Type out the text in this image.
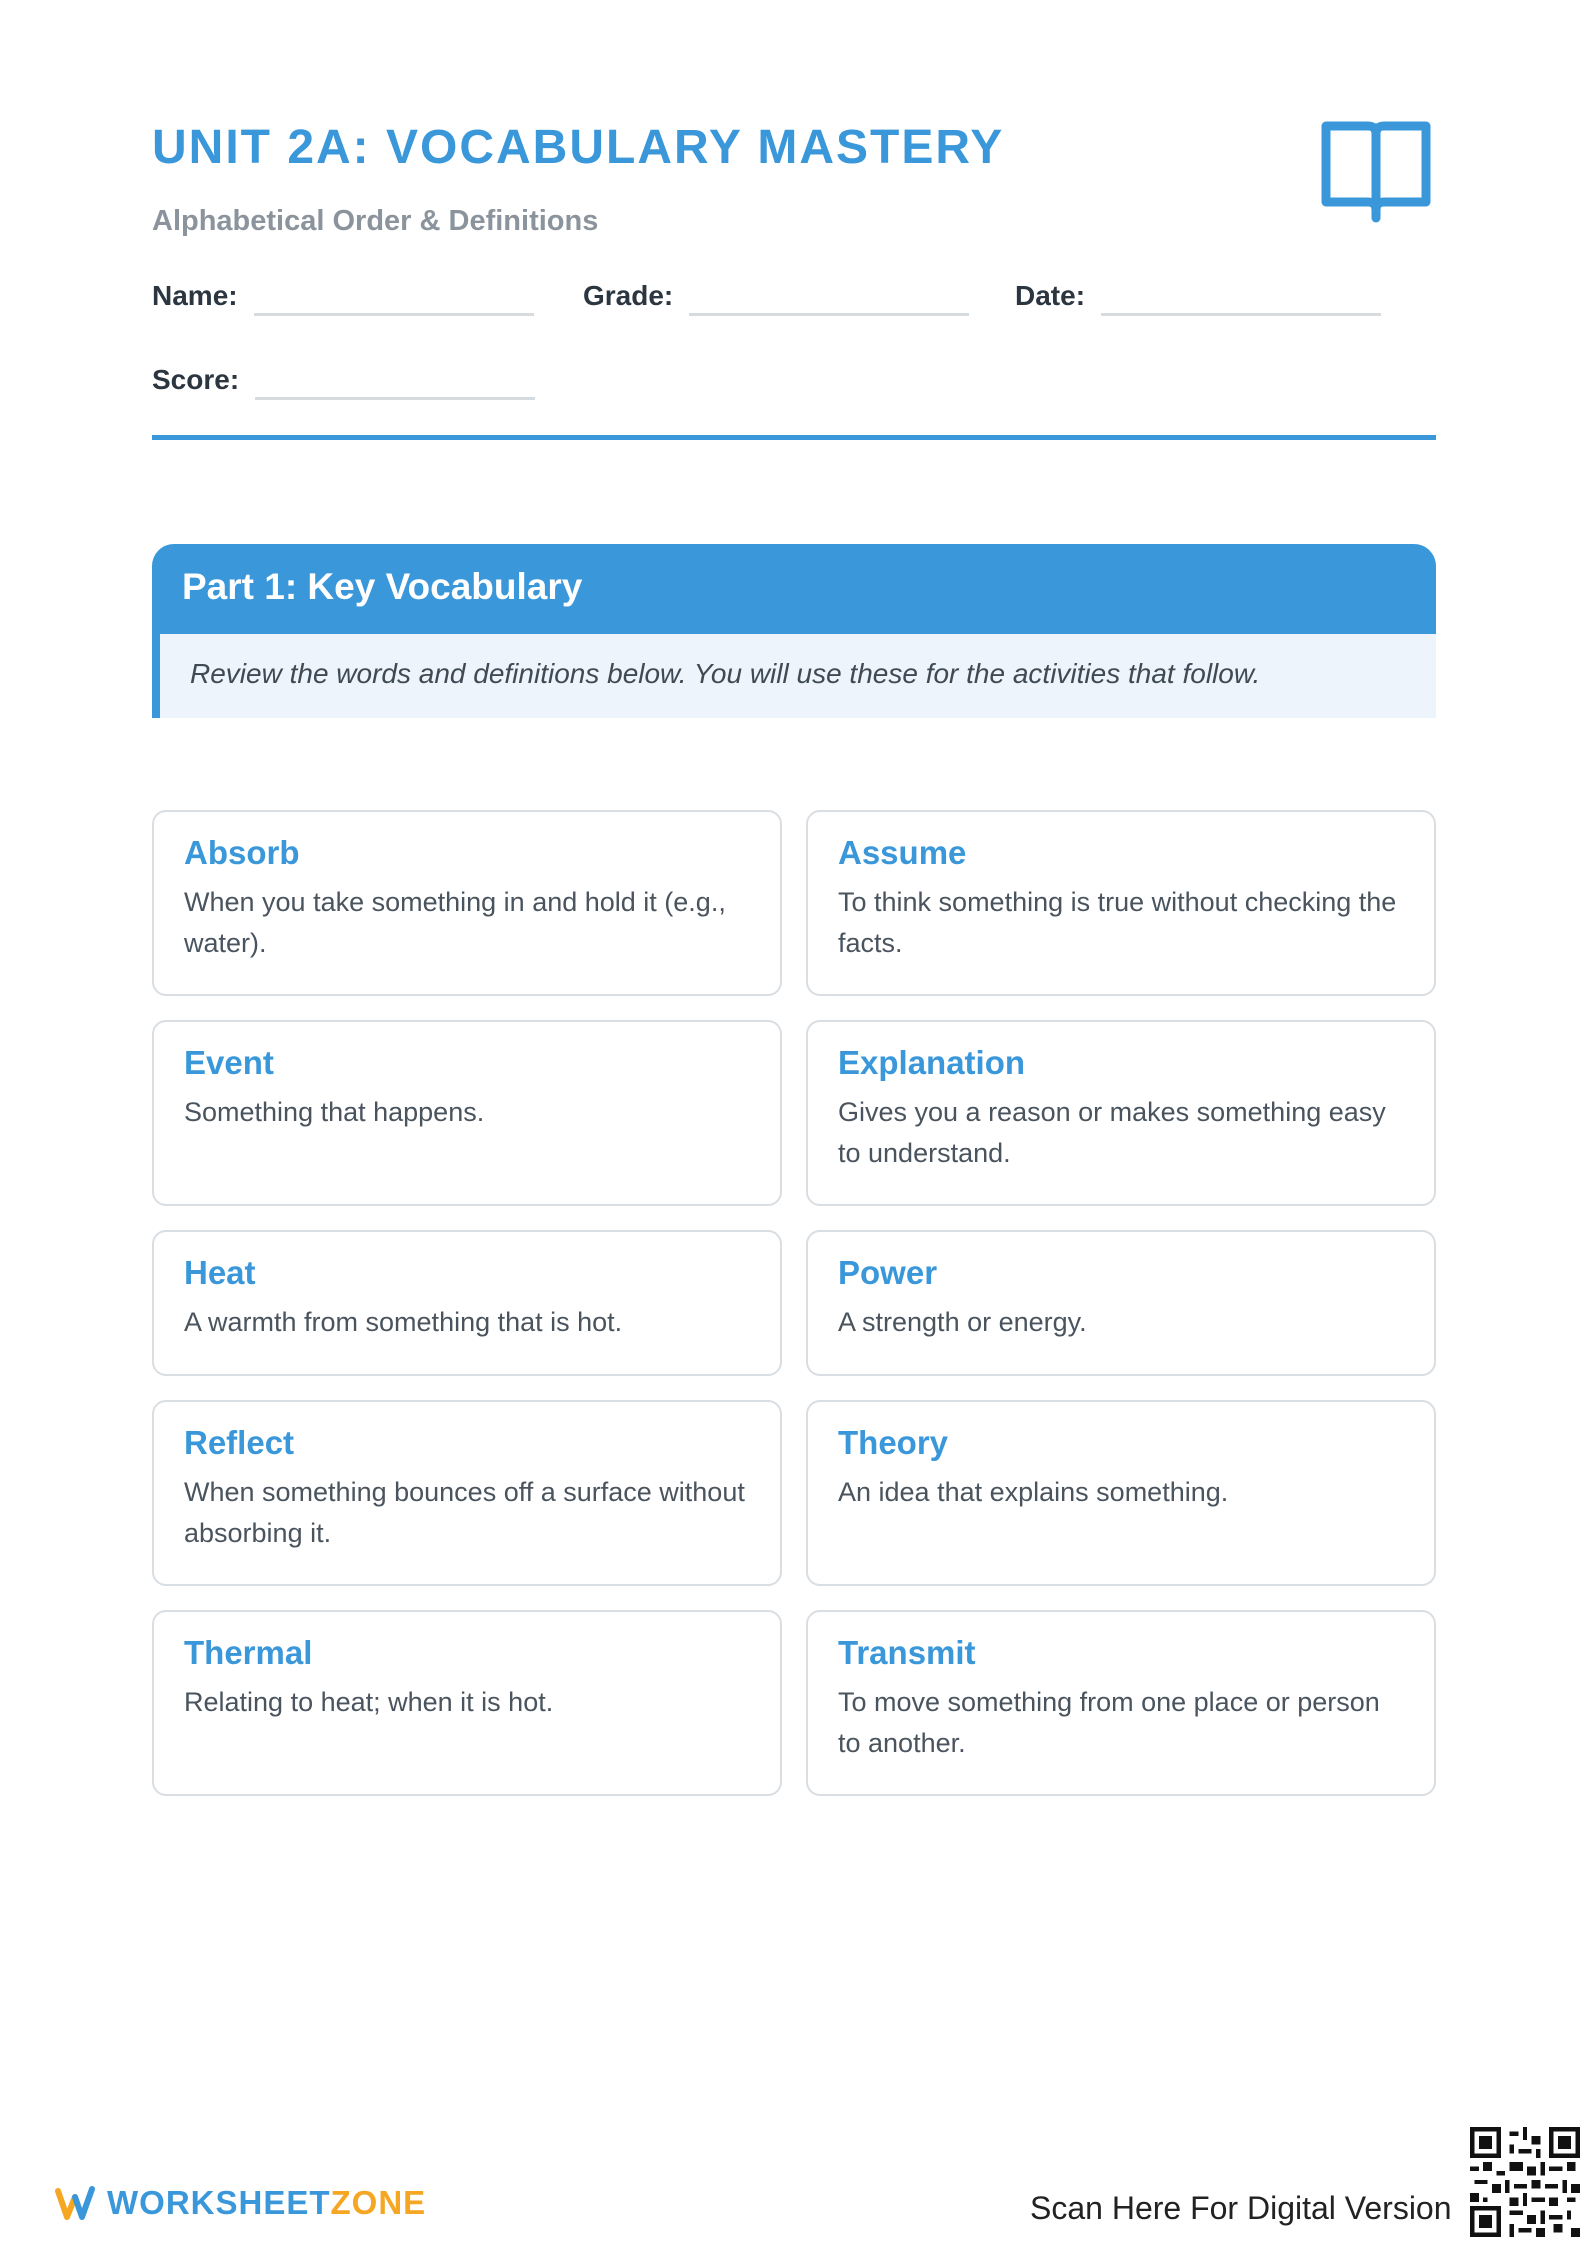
UNIT 2A: VOCABULARY MASTERY
Alphabetical Order & Definitions
Name:	Grade:	Date:
Score:
Part 1: Key Vocabulary
Review the words and definitions below. You will use these for the activities that follow.
Absorb
When you take something in and hold it (e.g., water).
Assume
To think something is true without checking the facts.
Event
Something that happens.
Explanation
Gives you a reason or makes something easy to understand.
Heat
A warmth from something that is hot.
Power
A strength or energy.
Reflect
When something bounces off a surface without absorbing it.
Theory
An idea that explains something.
Thermal
Relating to heat; when it is hot.
Transmit
To move something from one place or person to another.
WORKSHEETZONE	Scan Here For Digital Version
